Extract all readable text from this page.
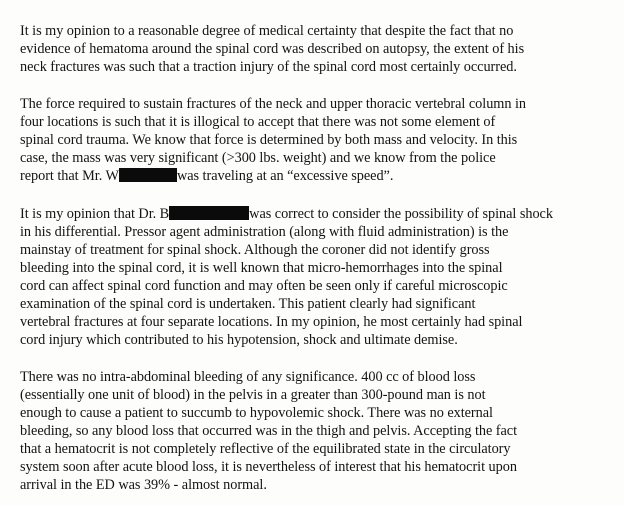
It is my opinion to a reasonable degree of medical certainty that despite the fact that no
evidence of hematoma around the spinal cord was described on autopsy, the extent of his
neck fractures was such that a traction injury of the spinal cord most certainly occurred.
The force required to sustain fractures of the neck and upper thoracic vertebral column in
four locations is such that it is illogical to accept that there was not some element of
spinal cord trauma. We know that force is determined by both mass and velocity. In this
case, the mass was very significant (>300 lbs. weight) and we know from the police
report that Mr. W	was traveling at an “excessive speed”.
It is my opinion that Dr. B	was correct to consider the possibility of spinal shock
in his differential. Pressor agent administration (along with fluid administration) is the
mainstay of treatment for spinal shock. Although the coroner did not identify gross
bleeding into the spinal cord, it is well known that micro-hemorrhages into the spinal
cord can affect spinal cord function and may often be seen only if careful microscopic
examination of the spinal cord is undertaken. This patient clearly had significant
vertebral fractures at four separate locations. In my opinion, he most certainly had spinal
cord injury which contributed to his hypotension, shock and ultimate demise.
There was no intra-abdominal bleeding of any significance. 400 cc of blood loss
(essentially one unit of blood) in the pelvis in a greater than 300-pound man is not
enough to cause a patient to succumb to hypovolemic shock. There was no external
bleeding, so any blood loss that occurred was in the thigh and pelvis. Accepting the fact
that a hematocrit is not completely reflective of the equilibrated state in the circulatory
system soon after acute blood loss, it is nevertheless of interest that his hematocrit upon
arrival in the ED was 39% - almost normal.
